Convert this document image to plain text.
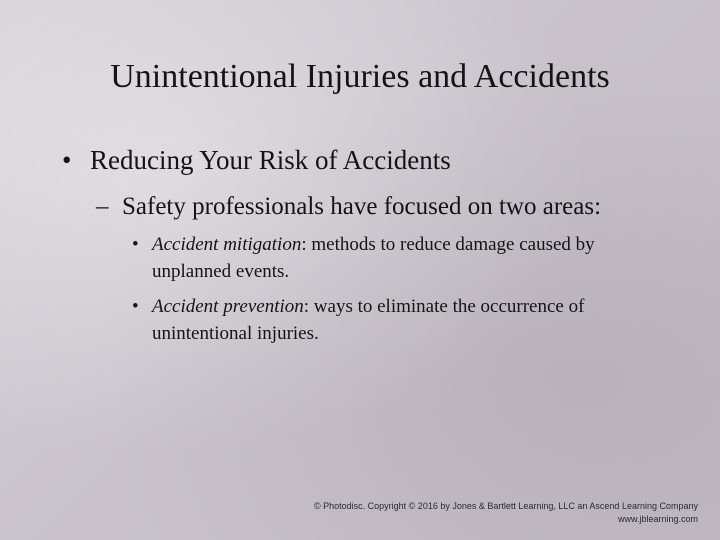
Unintentional Injuries and Accidents
• Reducing Your Risk of Accidents
– Safety professionals have focused on two areas:
• Accident mitigation: methods to reduce damage caused by unplanned events.
• Accident prevention: ways to eliminate the occurrence of unintentional injuries.
© Photodisc. Copyright © 2016 by Jones & Bartlett Learning, LLC an Ascend Learning Company
www.jblearning.com
